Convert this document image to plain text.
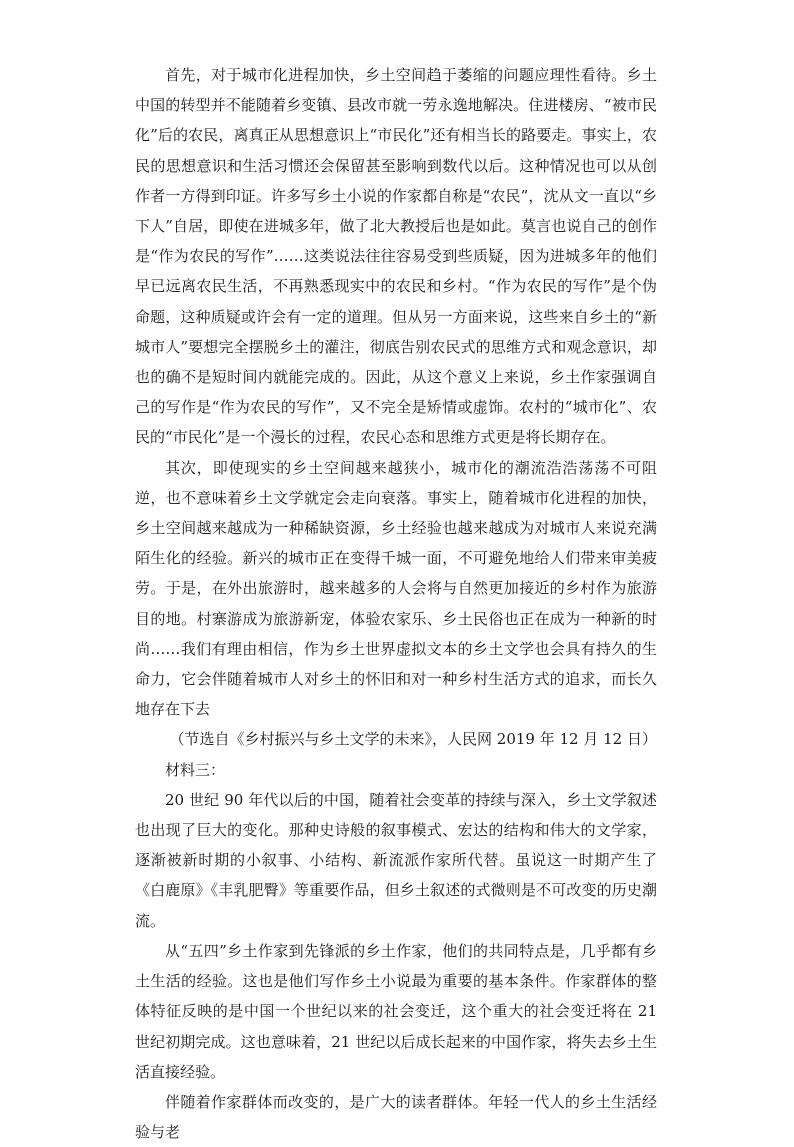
首先，对于城市化进程加快，乡土空间趋于萎缩的问题应理性看待。乡土中国的转型并不能随着乡变镇、县改市就一劳永逸地解决。住进楼房、“被市民化”后的农民，离真正从思想意识上“市民化”还有相当长的路要走。事实上，农民的思想意识和生活习惯还会保留甚至影响到数代以后。这种情况也可以从创作者一方得到印证。许多写乡土小说的作家都自称是“农民”，沈从文一直以“乡下人”自居，即使在进城多年，做了北大教授后也是如此。莫言也说自己的创作是“作为农民的写作”……这类说法往往容易受到些质疑，因为进城多年的他们早已远离农民生活，不再熟悉现实中的农民和乡村。“作为农民的写作”是个伪命题，这种质疑或许会有一定的道理。但从另一方面来说，这些来自乡土的“新城市人”要想完全摆脱乡土的灌注，彻底告别农民式的思维方式和观念意识，却也的确不是短时间内就能完成的。因此，从这个意义上来说，乡土作家强调自己的写作是“作为农民的写作”，又不完全是矫情或虚饰。农村的“城市化”、农民的“市民化”是一个漫长的过程，农民心态和思维方式更是将长期存在。

其次，即使现实的乡土空间越来越狭小，城市化的潮流浩浩荡荡不可阻逆，也不意味着乡土文学就定会走向衰落。事实上，随着城市化进程的加快，乡土空间越来越成为一种稀缺资源，乡土经验也越来越成为对城市人来说充满陌生化的经验。新兴的城市正在变得千城一面，不可避免地给人们带来审美疲劳。于是，在外出旅游时，越来越多的人会将与自然更加接近的乡村作为旅游目的地。村寨游成为旅游新宠，体验农家乐、乡土民俗也正在成为一种新的时尚……我们有理由相信，作为乡土世界虚拟文本的乡土文学也会具有持久的生命力，它会伴随着城市人对乡土的怀旧和对一种乡村生活方式的追求，而长久地存在下去

（节选自《乡村振兴与乡土文学的未来》，人民网 2019 年 12 月 12 日）

材料三：

20 世纪 90 年代以后的中国，随着社会变革的持续与深入，乡土文学叙述也出现了巨大的变化。那种史诗般的叙事模式、宏达的结构和伟大的文学家，逐渐被新时期的小叙事、小结构、新流派作家所代替。虽说这一时期产生了《白鹿原》《丰乳肥臀》等重要作品，但乡土叙述的式微则是不可改变的历史潮流。

从“五四”乡土作家到先锋派的乡土作家，他们的共同特点是，几乎都有乡土生活的经验。这也是他们写作乡土小说最为重要的基本条件。作家群体的整体特征反映的是中国一个世纪以来的社会变迁，这个重大的社会变迁将在 21 世纪初期完成。这也意味着，21 世纪以后成长起来的中国作家，将失去乡土生活直接经验。

伴随着作家群体而改变的，是广大的读者群体。年轻一代人的乡土生活经验与老
